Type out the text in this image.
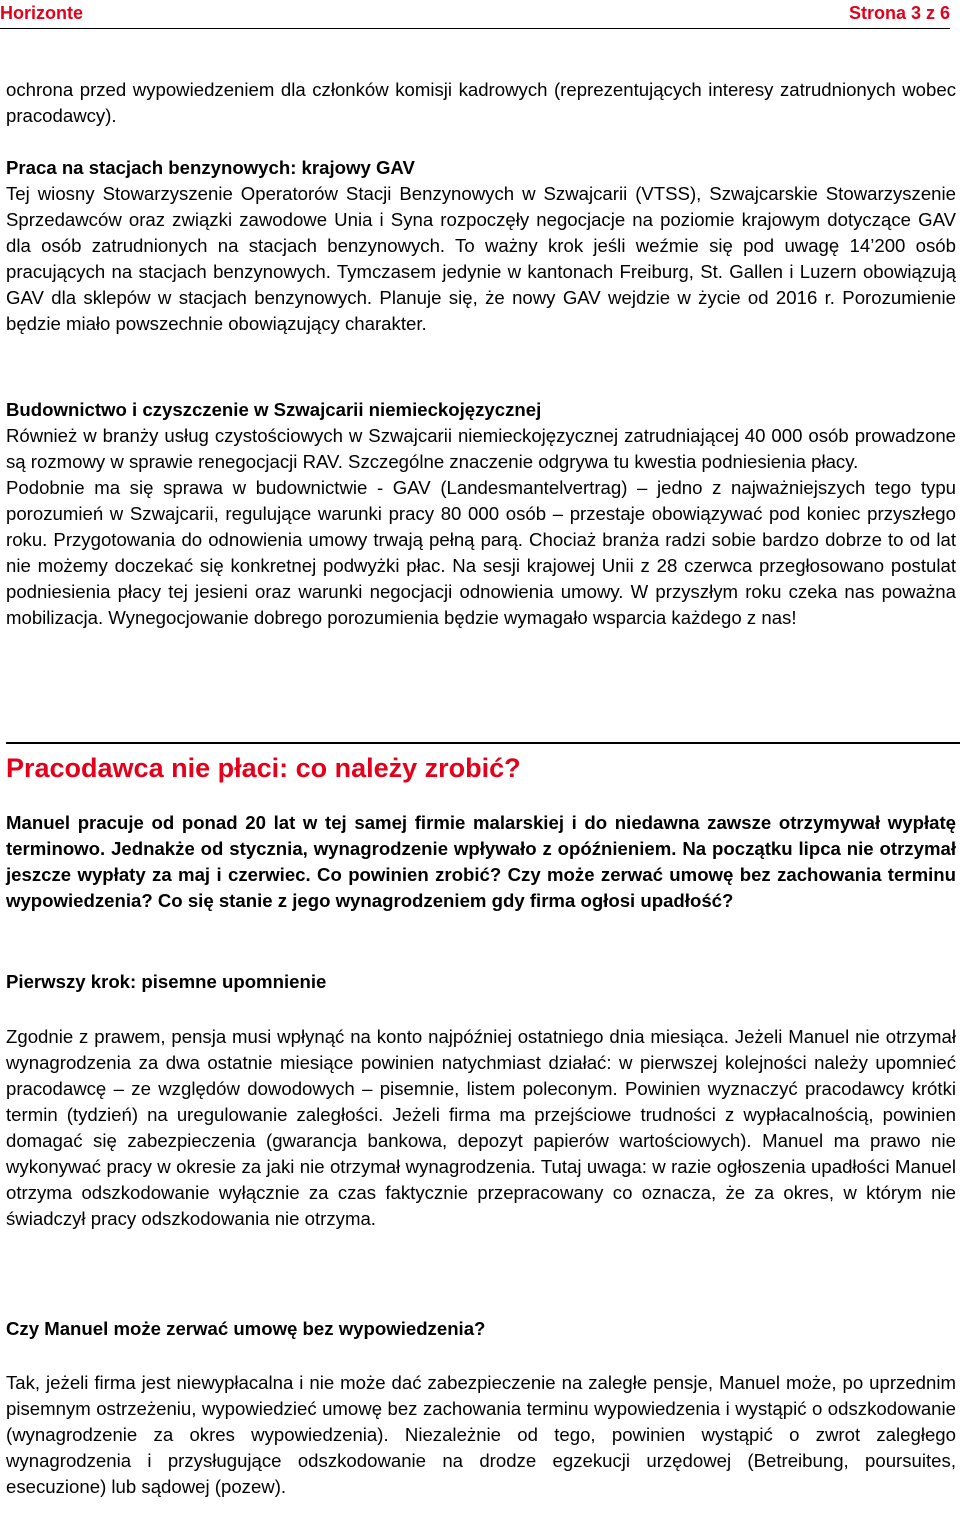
Horizonte	Strona 3 z 6

ochrona przed wypowiedzeniem dla członków komisji kadrowych (reprezentujących interesy zatrudnionych wobec pracodawcy).

Praca na stacjach benzynowych: krajowy GAV

Tej wiosny Stowarzyszenie Operatorów Stacji Benzynowych w Szwajcarii (VTSS), Szwajcarskie Stowarzyszenie Sprzedawców oraz związki zawodowe Unia i Syna rozpoczęły negocjacje na poziomie krajowym dotyczące GAV dla osób zatrudnionych na stacjach benzynowych. To ważny krok jeśli weźmie się pod uwagę 14’200 osób pracujących na stacjach benzynowych. Tymczasem jedynie w kantonach Freiburg, St. Gallen i Luzern obowiązują GAV dla sklepów w stacjach benzynowych. Planuje się, że nowy GAV wejdzie w życie od 2016 r. Porozumienie będzie miało powszechnie obowiązujący charakter.

Budownictwo i czyszczenie w Szwajcarii niemieckojęzycznej

Również w branży usług czystościowych w Szwajcarii niemieckojęzycznej zatrudniającej 40 000 osób prowadzone są rozmowy w sprawie renegocjacji RAV. Szczególne znaczenie odgrywa tu kwestia podniesienia płacy.

Podobnie ma się sprawa w budownictwie - GAV (Landesmantelvertrag) – jedno z najważniejszych tego typu porozumień w Szwajcarii, regulujące warunki pracy 80 000 osób – przestaje obowiązywać pod koniec przyszłego roku. Przygotowania do odnowienia umowy trwają pełną parą. Chociaż branża radzi sobie bardzo dobrze to od lat nie możemy doczekać się konkretnej podwyżki płac. Na sesji krajowej Unii z 28 czerwca przegłosowano postulat podniesienia płacy tej jesieni oraz warunki negocjacji odnowienia umowy. W przyszłym roku czeka nas poważna mobilizacja. Wynegocjowanie dobrego porozumienia będzie wymagało wsparcia każdego z nas!

Pracodawca nie płaci: co należy zrobić?

Manuel pracuje od ponad 20 lat w tej samej firmie malarskiej i do niedawna zawsze otrzymywał wypłatę terminowo. Jednakże od stycznia, wynagrodzenie wpływało z opóźnieniem. Na początku lipca nie otrzymał jeszcze wypłaty za maj i czerwiec. Co powinien zrobić? Czy może zerwać umowę bez zachowania terminu wypowiedzenia? Co się stanie z jego wynagrodzeniem gdy firma ogłosi upadłość?

Pierwszy krok: pisemne upomnienie

Zgodnie z prawem, pensja musi wpłynąć na konto najpóźniej ostatniego dnia miesiąca. Jeżeli Manuel nie otrzymał wynagrodzenia za dwa ostatnie miesiące powinien natychmiast działać: w pierwszej kolejności należy upomnieć pracodawcę – ze względów dowodowych – pisemnie, listem poleconym. Powinien wyznaczyć pracodawcy krótki termin (tydzień) na uregulowanie zaległości. Jeżeli firma ma przejściowe trudności z wypłacalnością, powinien domagać się zabezpieczenia (gwarancja bankowa, depozyt papierów wartościowych). Manuel ma prawo nie wykonywać pracy w okresie za jaki nie otrzymał wynagrodzenia. Tutaj uwaga: w razie ogłoszenia upadłości Manuel otrzyma odszkodowanie wyłącznie za czas faktycznie przepracowany co oznacza, że za okres, w którym nie świadczył pracy odszkodowania nie otrzyma.

Czy Manuel może zerwać umowę bez wypowiedzenia?

Tak, jeżeli firma jest niewypłacalna i nie może dać zabezpieczenie na zaległe pensje, Manuel może, po uprzednim pisemnym ostrzeżeniu, wypowiedzieć umowę bez zachowania terminu wypowiedzenia i wystąpić o odszkodowanie (wynagrodzenie za okres wypowiedzenia). Niezależnie od tego, powinien wystąpić o zwrot zaległego wynagrodzenia i przysługujące odszkodowanie na drodze egzekucji urzędowej (Betreibung, poursuites, esecuzione) lub sądowej (pozew).
